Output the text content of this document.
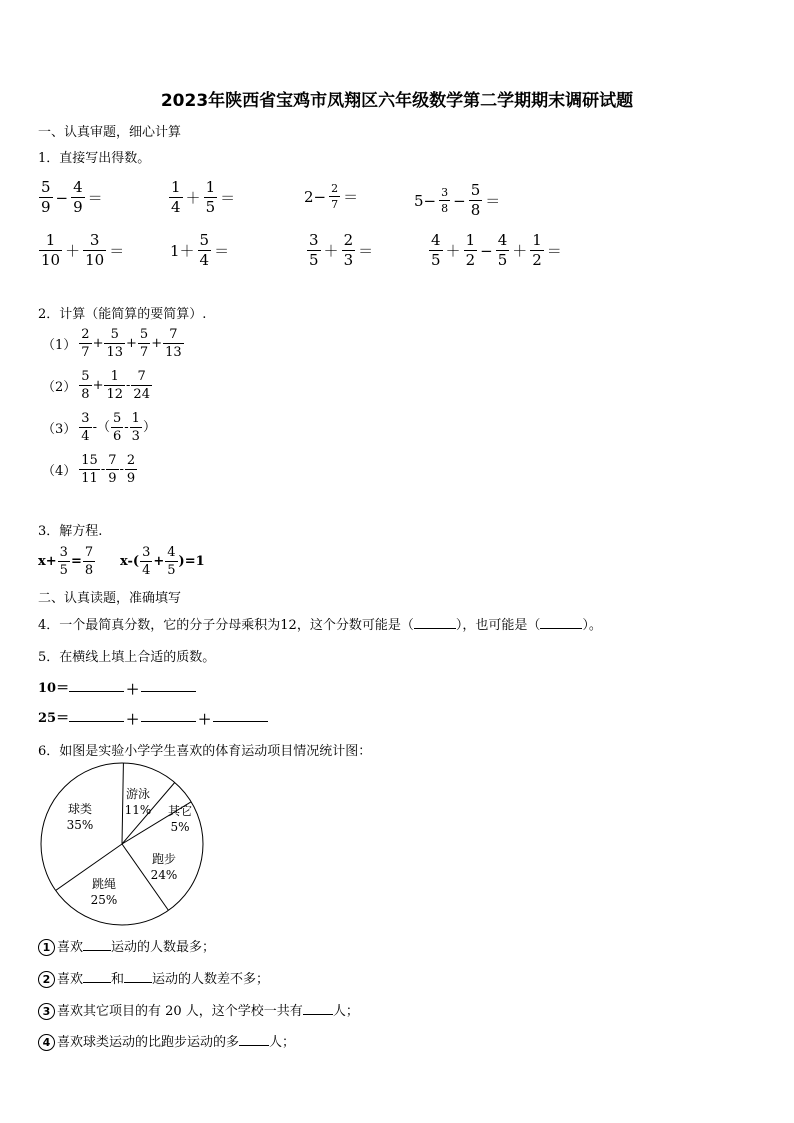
2023年陕西省宝鸡市凤翔区六年级数学第二学期期末调研试题
一、认真审题，细心计算
1．直接写出得数。
$\frac{5}{9} - \frac{4}{9}$ ＝	$\frac{1}{4} + \frac{1}{5}$ ＝	$2- \frac{2}{7}$ ＝	$5- \frac{3}{8} - \frac{5}{8}$ ＝
$\frac{1}{10} + \frac{3}{10}$ ＝	$1+ \frac{5}{4}$ ＝	$\frac{3}{5} + \frac{2}{3}$ ＝	$\frac{4}{5} + \frac{1}{2} - \frac{4}{5} + \frac{1}{2}$ ＝
2．计算（能简算的要简算）.
$(1) \frac{2}{7} + \frac{5}{13} + \frac{5}{7} + \frac{7}{13}$
$(2) \frac{5}{8} + \frac{1}{12} - \frac{7}{24}$
$(3) \frac{3}{4}$ -（ $\frac{5}{6} - \frac{1}{3}$ ）
$(4) \frac{15}{11} - \frac{7}{9} - \frac{2}{9}$
3．解方程.
$x+ \frac{3}{5} = \frac{7}{8} x-( \frac{3}{4} + \frac{4}{5} )=1$
二、认真读题，准确填写
4．一个最简真分数，它的分子分母乘积为12，这个分数可能是（	），也可能是（	）。
5．在横线上填上合适的质数。
10＝	＋
25＝	＋	＋
6．如图是实验小学学生喜欢的体育运动项目情况统计图：
游泳
11% 其它
5%
跑步
24%
跳绳
25%
球类
35%
1 喜欢 运动的人数最多；
2 喜欢 和 运动的人数差不多；
3 喜欢其它项目的有 20 人，这个学校一共有 人；
4 喜欢球类运动的比跑步运动的多 人；
